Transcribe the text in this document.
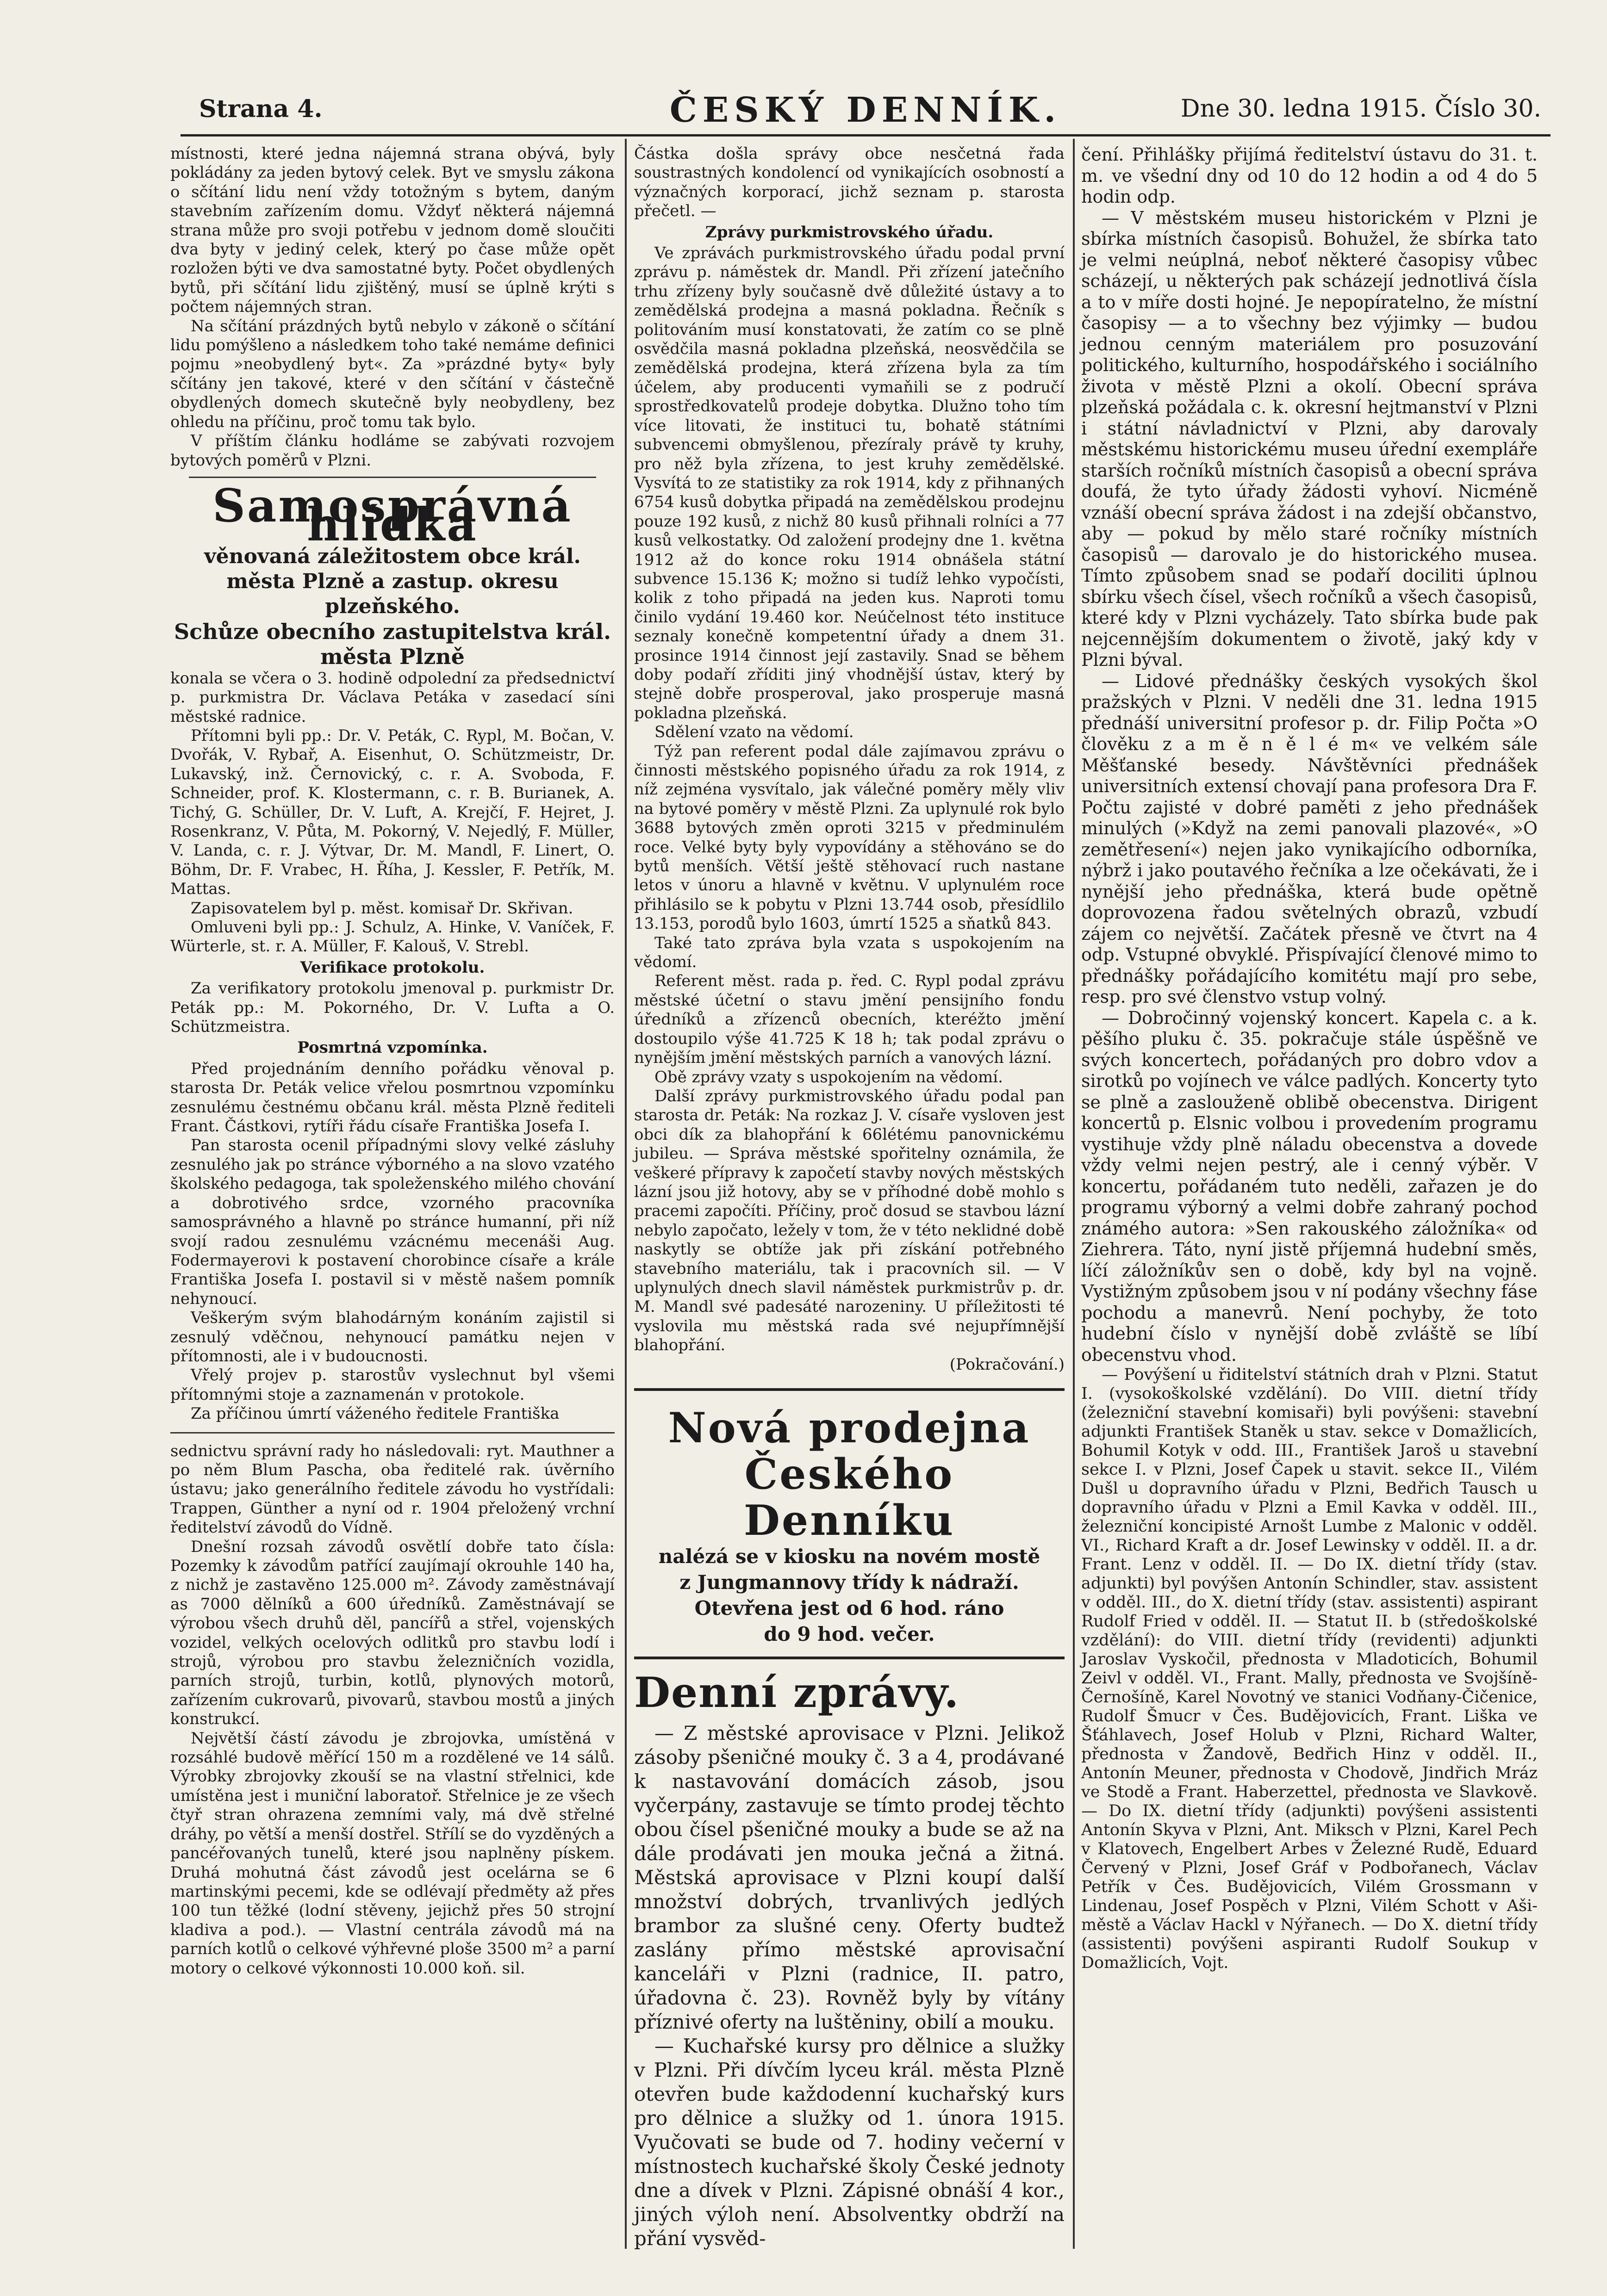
Strana 4.	ČESKÝ DENNÍK.	Dne 30. ledna 1915. Číslo 30.

místnosti, které jedna nájemná strana obývá, byly pokládány za jeden bytový celek. Byt ve smyslu zákona o sčítání lidu není vždy totožným s bytem, daným stavebním zařízením domu. Vždyť některá nájemná strana může pro svoji potřebu v jednom domě sloučiti dva byty v jediný celek, který po čase může opět rozložen býti ve dva samostatné byty. Počet obydlených bytů, při sčítání lidu zjištěný, musí se úplně krýti s počtem nájemných stran.

Na sčítání prázdných bytů nebylo v zákoně o sčítání lidu pomýšleno a následkem toho také nemáme definici pojmu »neobydlený byt«. Za »prázdné byty« byly sčítány jen takové, které v den sčítání v částečně obydlených domech skutečně byly neobydleny, bez ohledu na příčinu, proč tomu tak bylo.

V příštím článku hodláme se zabývati rozvojem bytových poměrů v Plzni.

Samosprávná hlídka
věnovaná záležitostem obce král. města Plzně a zastup. okresu plzeňského.
Schůze obecního zastupitelstva král. města Plzně

konala se včera o 3. hodině odpolední za předsednictví p. purkmistra Dr. Václava Petáka v zasedací síni městské radnice.

Přítomni byli pp.: Dr. V. Peták, C. Rypl, M. Bočan, V. Dvořák, V. Rybař, A. Eisenhut, O. Schützmeistr, Dr. Lukavský, inž. Černovický, c. r. A. Svoboda, F. Schneider, prof. K. Klostermann, c. r. B. Burianek, A. Tichý, G. Schüller, Dr. V. Luft, A. Krejčí, F. Hejret, J. Rosenkranz, V. Půta, M. Pokorný, V. Nejedlý, F. Müller, V. Landa, c. r. J. Výtvar, Dr. M. Mandl, F. Linert, O. Böhm, Dr. F. Vrabec, H. Říha, J. Kessler, F. Petřík, M. Mattas.

Zapisovatelem byl p. měst. komisař Dr. Skřivan.

Omluveni byli pp.: J. Schulz, A. Hinke, V. Vaníček, F. Würterle, st. r. A. Müller, F. Kalouš, V. Strebl.

Verifikace protokolu.

Za verifikatory protokolu jmenoval p. purkmistr Dr. Peták pp.: M. Pokorného, Dr. V. Lufta a O. Schützmeistra.

Posmrtná vzpomínka.

Před projednáním denního pořádku věnoval p. starosta Dr. Peták velice vřelou posmrtnou vzpomínku zesnulému čestnému občanu král. města Plzně řediteli Frant. Částkovi, rytíři řádu císaře Františka Josefa I.

Pan starosta ocenil případnými slovy velké zásluhy zesnulého jak po stránce výborného a na slovo vzatého školského pedagoga, tak spoleženského milého chování a dobrotivého srdce, vzorného pracovníka samosprávného a hlavně po stránce humanní, při níž svojí radou zesnulému vzácnému mecenáši Aug. Fodermayerovi k postavení chorobince císaře a krále Františka Josefa I. postavil si v městě našem pomník nehynoucí.

Veškerým svým blahodárným konáním zajistil si zesnulý vděčnou, nehynoucí památku nejen v přítomnosti, ale i v budoucnosti.

Vřelý projev p. starostův vyslechnut byl všemi přítomnými stoje a zaznamenán v protokole.

Za příčinou úmrtí váženého ředitele Františka

sednictvu správní rady ho následovali: ryt. Mauthner a po něm Blum Pascha, oba ředitelé rak. úvěrního ústavu; jako generálního ředitele závodu ho vystřídali: Trappen, Günther a nyní od r. 1904 přeložený vrchní ředitelství závodů do Vídně.

Dnešní rozsah závodů osvětlí dobře tato čísla: Pozemky k závodům patřící zaujímají okrouhle 140 ha, z nichž je zastavěno 125.000 m². Závody zaměstnávají as 7000 dělníků a 600 úředníků. Zaměstnávají se výrobou všech druhů děl, pancířů a střel, vojenských vozidel, velkých ocelových odlitků pro stavbu lodí i strojů, výrobou pro stavbu železničních vozidla, parních strojů, turbin, kotlů, plynových motorů, zařízením cukrovarů, pivovarů, stavbou mostů a jiných konstrukcí.

Největší částí závodu je zbrojovka, umístěná v rozsáhlé budově měřící 150 m a rozdělené ve 14 sálů. Výrobky zbrojovky zkouší se na vlastní střelnici, kde umístěna jest i muniční laboratoř. Střelnice je ze všech čtyř stran ohrazena zemními valy, má dvě střelné dráhy, po větší a menší dostřel. Střílí se do vyzděných a pancéřovaných tunelů, které jsou naplněny pískem. Druhá mohutná část závodů jest ocelárna se 6 martinskými pecemi, kde se odlévají předměty až přes 100 tun těžké (lodní stěveny, jejichž přes 50 strojní kladiva a pod.). — Vlastní centrála závodů má na parních kotlů o celkové výhřevné ploše 3500 m² a parní motory o celkové výkonnosti 10.000 koň. sil.

Částka došla správy obce nesčetná řada soustrastných kondolencí od vynikajících osobností a význačných korporací, jichž seznam p. starosta přečetl. —

Zprávy purkmistrovského úřadu.

Ve zprávách purkmistrovského úřadu podal první zprávu p. náměstek dr. Mandl. Při zřízení jatečního trhu zřízeny byly současně dvě důležité ústavy a to zemědělská prodejna a masná pokladna. Řečník s politováním musí konstatovati, že zatím co se plně osvědčila masná pokladna plzeňská, neosvědčila se zemědělská prodejna, která zřízena byla za tím účelem, aby producenti vymaňili se z područí sprostředkovatelů prodeje dobytka. Dlužno toho tím více litovati, že instituci tu, bohatě státními subvencemi obmyšlenou, přezíraly právě ty kruhy, pro něž byla zřízena, to jest kruhy zemědělské. Vysvítá to ze statistiky za rok 1914, kdy z přihnaných 6754 kusů dobytka připadá na zemědělskou prodejnu pouze 192 kusů, z nichž 80 kusů přihnali rolníci a 77 kusů velkostatky. Od založení prodejny dne 1. května 1912 až do konce roku 1914 obnášela státní subvence 15.136 K; možno si tudíž lehko vypočísti, kolik z toho připadá na jeden kus. Naproti tomu činilo vydání 19.460 kor. Neúčelnost této instituce seznaly konečně kompetentní úřady a dnem 31. prosince 1914 činnost její zastavily. Snad se během doby podaří zříditi jiný vhodnější ústav, který by stejně dobře prosperoval, jako prosperuje masná pokladna plzeňská.

Sdělení vzato na vědomí.

Týž pan referent podal dále zajímavou zprávu o činnosti městského popisného úřadu za rok 1914, z níž zejména vysvítalo, jak válečné poměry měly vliv na bytové poměry v městě Plzni. Za uplynulé rok bylo 3688 bytových změn oproti 3215 v předminulém roce. Velké byty byly vypovídány a stěhováno se do bytů menších. Větší ještě stěhovací ruch nastane letos v únoru a hlavně v květnu. V uplynulém roce přihlásilo se k pobytu v Plzni 13.744 osob, přesídlilo 13.153, porodů bylo 1603, úmrtí 1525 a sňatků 843.

Také tato zpráva byla vzata s uspokojením na vědomí.

Referent měst. rada p. řed. C. Rypl podal zprávu městské účetní o stavu jmění pensijního fondu úředníků a zřízenců obecních, kteréžto jmění dostoupilo výše 41.725 K 18 h; tak podal zprávu o nynějším jmění městských parních a vanových lázní.

Obě zprávy vzaty s uspokojením na vědomí.

Další zprávy purkmistrovského úřadu podal pan starosta dr. Peták: Na rozkaz J. V. císaře vysloven jest obci dík za blahopřání k 66létému panovnickému jubileu. — Správa městské spořitelny oznámila, že veškeré přípravy k započetí stavby nových městských lázní jsou již hotovy, aby se v příhodné době mohlo s pracemi započíti. Příčiny, proč dosud se stavbou lázní nebylo započato, ležely v tom, že v této neklidné době naskytly se obtíže jak při získání potřebného stavebního materiálu, tak i pracovních sil. — V uplynulých dnech slavil náměstek purkmistrův p. dr. M. Mandl své padesáté narozeniny. U příležitosti té vyslovila mu městská rada své nejupřímnější blahopřání.

(Pokračování.)
Nová prodejna Českého Denníku
nalézá se v kiosku na novém mostě
z Jungmannovy třídy k nádraží.
Otevřena jest od 6 hod. ráno
do 9 hod. večer.
Denní zprávy.

— Z městské aprovisace v Plzni. Jelikož zásoby pšeničné mouky č. 3 a 4, prodávané k nastavování domácích zásob, jsou vyčerpány, zastavuje se tímto prodej těchto obou čísel pšeničné mouky a bude se až na dále prodávati jen mouka ječná a žitná. Městská aprovisace v Plzni koupí další množství dobrých, trvanlivých jedlých brambor za slušné ceny. Oferty budtež zaslány přímo městské aprovisační kanceláři v Plzni (radnice, II. patro, úřadovna č. 23). Rovněž byly by vítány příznivé oferty na luštěniny, obilí a mouku.

— Kuchařské kursy pro dělnice a služky v Plzni. Při dívčím lyceu král. města Plzně otevřen bude každodenní kuchařský kurs pro dělnice a služky od 1. února 1915. Vyučovati se bude od 7. hodiny večerní v místnostech kuchařské školy České jednoty dne a dívek v Plzni. Zápisné obnáší 4 kor., jiných výloh není. Absolventky obdrží na přání vysvěd-

čení. Přihlášky přijímá ředitelství ústavu do 31. t. m. ve všední dny od 10 do 12 hodin a od 4 do 5 hodin odp.

— V městském museu historickém v Plzni je sbírka místních časopisů. Bohužel, že sbírka tato je velmi neúplná, neboť některé časopisy vůbec scházejí, u některých pak scházejí jednotlivá čísla a to v míře dosti hojné. Je nepopíratelno, že místní časopisy — a to všechny bez výjimky — budou jednou cenným materiálem pro posuzování politického, kulturního, hospodářského i sociálního života v městě Plzni a okolí. Obecní správa plzeňská požádala c. k. okresní hejtmanství v Plzni i státní návladnictví v Plzni, aby darovaly městskému historickému museu úřední exempláře starších ročníků místních časopisů a obecní správa doufá, že tyto úřady žádosti vyhoví. Nicméně vznáší obecní správa žádost i na zdejší občanstvo, aby — pokud by mělo staré ročníky místních časopisů — darovalo je do historického musea. Tímto způsobem snad se podaří dociliti úplnou sbírku všech čísel, všech ročníků a všech časopisů, které kdy v Plzni vycházely. Tato sbírka bude pak nejcennějším dokumentem o životě, jaký kdy v Plzni býval.

— Lidové přednášky českých vysokých škol pražských v Plzni. V neděli dne 31. ledna 1915 přednáší universitní profesor p. dr. Filip Počta »O člověku z a m ě n ě l é m« ve velkém sále Měšťanské besedy. Návštěvníci přednášek universitních extensí chovají pana profesora Dra F. Počtu zajisté v dobré paměti z jeho přednášek minulých (»Když na zemi panovali plazové«, »O zemětřesení«) nejen jako vynikajícího odborníka, nýbrž i jako poutavého řečníka a lze očekávati, že i nynější jeho přednáška, která bude opětně doprovozena řadou světelných obrazů, vzbudí zájem co největší. Začátek přesně ve čtvrt na 4 odp. Vstupné obvyklé. Přispívající členové mimo to přednášky pořádajícího komitétu mají pro sebe, resp. pro své členstvo vstup volný.

— Dobročinný vojenský koncert. Kapela c. a k. pěšího pluku č. 35. pokračuje stále úspěšně ve svých koncertech, pořádaných pro dobro vdov a sirotků po vojínech ve válce padlých. Koncerty tyto se plně a zaslouženě oblibě obecenstva. Dirigent koncertů p. Elsnic volbou i provedením programu vystihuje vždy plně náladu obecenstva a dovede vždy velmi nejen pestrý, ale i cenný výběr. V koncertu, pořádaném tuto neděli, zařazen je do programu výborný a velmi dobře zahraný pochod známého autora: »Sen rakouského záložníka« od Ziehrera. Táto, nyní jistě příjemná hudební směs, líčí záložníkův sen o době, kdy byl na vojně. Vystižným způsobem jsou v ní podány všechny fáse pochodu a manevrů. Není pochyby, že toto hudební číslo v nynější době zvláště se líbí obecenstvu vhod.

— Povýšení u řiditelství státních drah v Plzni. Statut I. (vysokoškolské vzdělání). Do VIII. dietní třídy (železniční stavební komisaři) byli povýšeni: stavební adjunkti František Staněk u stav. sekce v Domažlicích, Bohumil Kotyk v odd. III., František Jaroš u stavební sekce I. v Plzni, Josef Čapek u stavit. sekce II., Vilém Dušl u dopravního úřadu v Plzni, Bedřich Tausch u dopravního úřadu v Plzni a Emil Kavka v odděl. III., železniční koncipisté Arnošt Lumbe z Malonic v odděl. VI., Richard Kraft a dr. Josef Lewinsky v odděl. II. a dr. Frant. Lenz v odděl. II. — Do IX. dietní třídy (stav. adjunkti) byl povýšen Antonín Schindler, stav. assistent v odděl. III., do X. dietní třídy (stav. assistenti) aspirant Rudolf Fried v odděl. II. — Statut II. b (středoškolské vzdělání): do VIII. dietní třídy (revidenti) adjunkti Jaroslav Vyskočil, přednosta v Mladoticích, Bohumil Zeivl v odděl. VI., Frant. Mally, přednosta ve Svojšíně-Černošíně, Karel Novotný ve stanici Vodňany-Čičenice, Rudolf Šmucr v Čes. Budějovicích, Frant. Liška ve Šťáhlavech, Josef Holub v Plzni, Richard Walter, přednosta v Žandově, Bedřich Hinz v odděl. II., Antonín Meuner, přednosta v Chodově, Jindřich Mráz ve Stodě a Frant. Haberzettel, přednosta ve Slavkově. — Do IX. dietní třídy (adjunkti) povýšeni assistenti Antonín Skyva v Plzni, Ant. Miksch v Plzni, Karel Pech v Klatovech, Engelbert Arbes v Železné Rudě, Eduard Červený v Plzni, Josef Gráf v Podbořanech, Václav Petřík v Čes. Budějovicích, Vilém Grossmann v Lindenau, Josef Pospěch v Plzni, Vilém Schott v Aši-městě a Václav Hackl v Nýřanech. — Do X. dietní třídy (assistenti) povýšeni aspiranti Rudolf Soukup v Domažlicích, Vojt.
